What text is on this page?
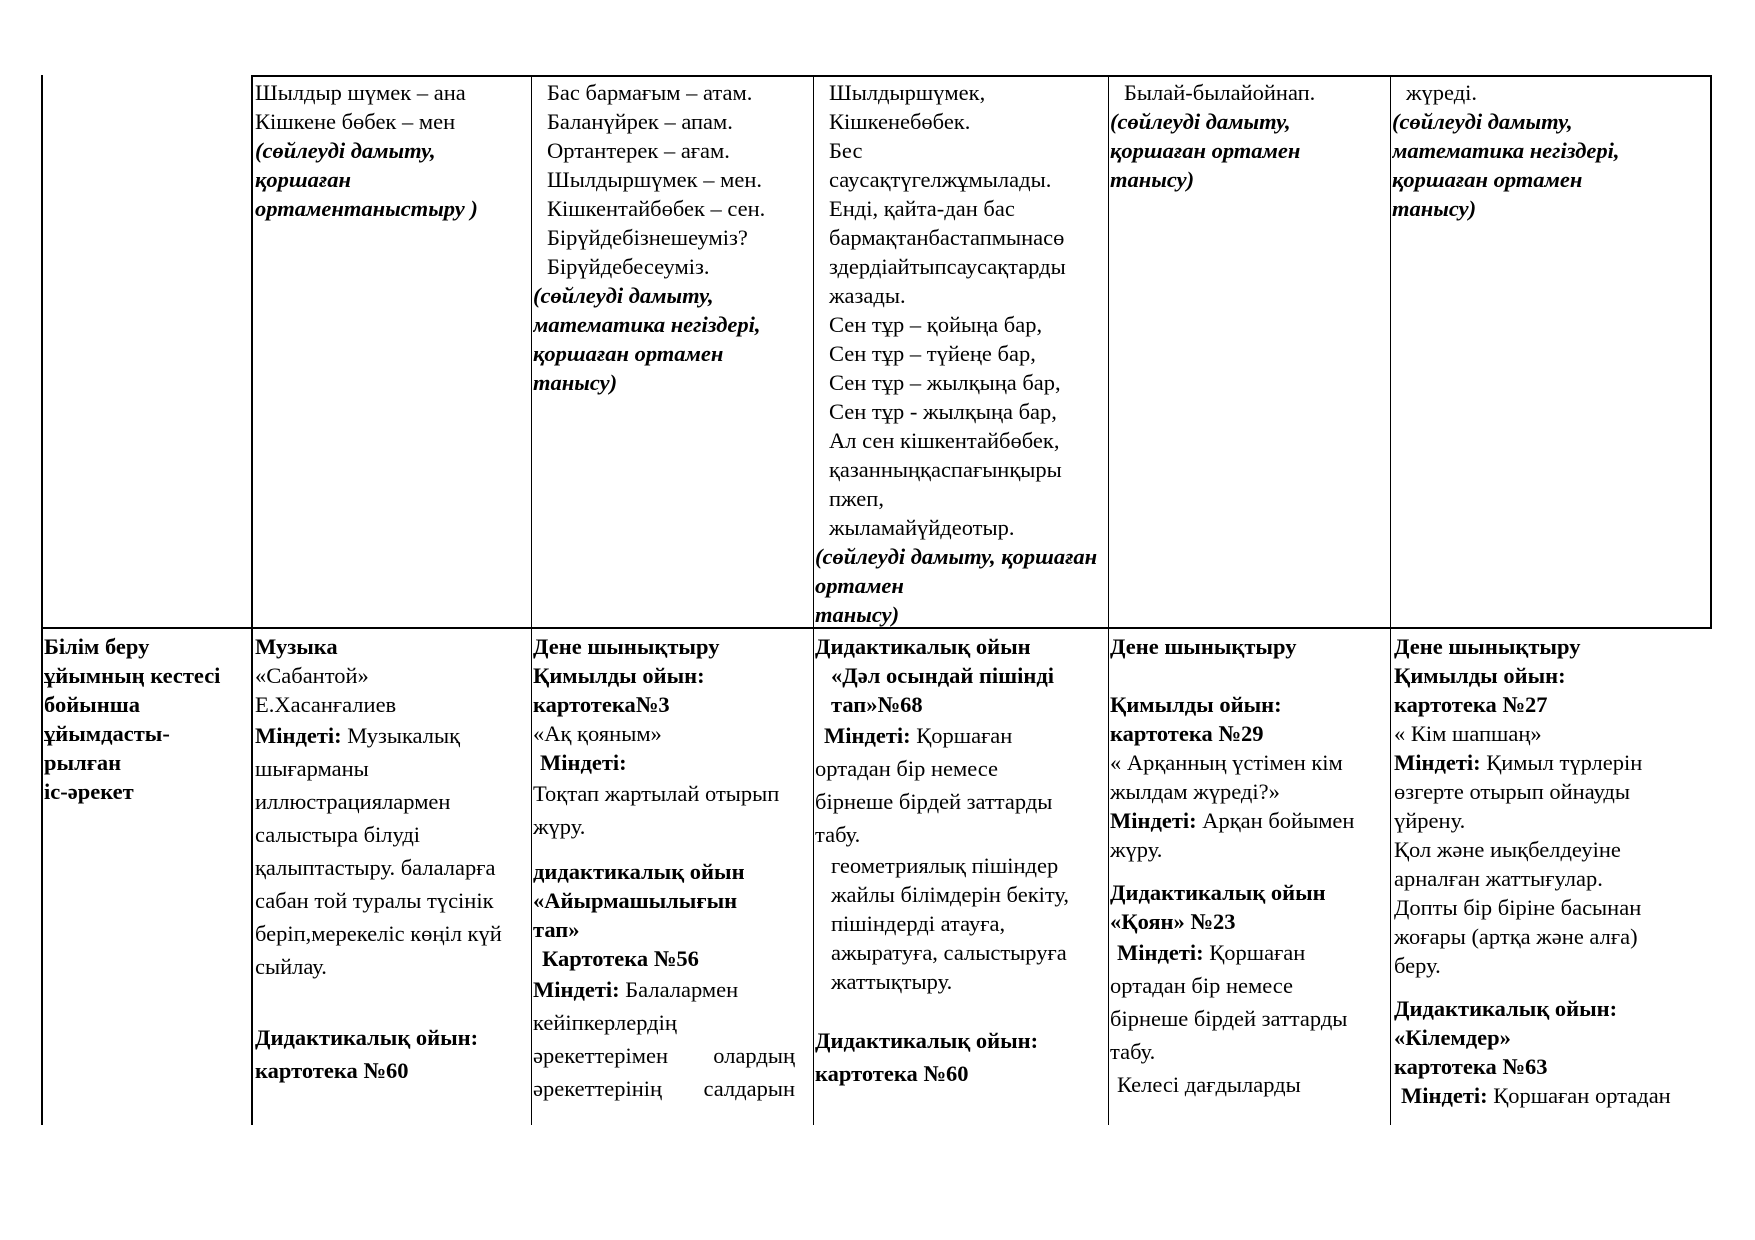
Шылдыр шүмек – ана
Кішкене бөбек – мен
(сөйлеуді дамыту,
қоршаған
ортаментаныстыру )
Бас бармағым – атам.
Баланүйрек – апам.
Ортантерек – ағам.
Шылдыршүмек – мен.
Кішкентайбөбек – сен.
Бірүйдебізнешеуміз?
Бірүйдебесеуміз.
(сөйлеуді дамыту,
математика негіздері,
қоршаған ортамен
танысу)
Шылдыршүмек,
Кішкенебөбек.
Бес
саусақтүгелжұмылады.
Енді, қайта-дан бас
бармақтанбастапмынасө
здердіайтыпсаусақтарды
жазады.
Сен тұр – қойыңа бар,
Сен тұр – түйеңе бар,
Сен тұр – жылқыңа бар,
Сен тұр - жылқыңа бар,
Ал сен кішкентайбөбек,
қазанныңқаспағынқыры
пжеп,
жыламайүйдеотыр.
(сөйлеуді дамыту, қоршаған
ортамен
танысу)
Былай-былайойнап.
(сөйлеуді дамыту,
қоршаған ортамен
танысу)
жүреді.
(сөйлеуді дамыту,
математика негіздері,
қоршаған ортамен
танысу)
Білім беру
ұйымның кестесі
бойынша
ұйымдасты-
рылған
іс-әрекет
Музыка
«Сабантой»
Е.Хасанғалиев
Міндеті: Музыкалық
шығарманы
иллюстрациялармен
салыстыра білуді
қалыптастыру. балаларға
сабан той туралы түсінік
беріп,мерекеліс көңіл күй
сыйлау.
Дидактикалық ойын:
картотека №60
Дене шынықтыру
Қимылды ойын:
картотека№3
«Ақ қояным»
Міндеті:
Тоқтап жартылай отырып
жүру.
дидактикалық ойын
«Айырмашылығын
тап»
Картотека №56
Міндеті: Балалармен
кейіпкерлердің
әрекеттерімен олардың
әрекеттерінің салдарын
Дидактикалық ойын
«Дәл осындай пішінді
тап»№68
Міндеті: Қоршаған
ортадан бір немесе
бірнеше бірдей заттарды
табу.
геометриялық пішіндер
жайлы білімдерін бекіту,
пішіндерді атауға,
ажыратуға, салыстыруға
жаттықтыру.
Дидактикалық ойын:
картотека №60
Дене шынықтыру
Қимылды ойын:
картотека №29
« Арқанның үстімен кім
жылдам жүреді?»
Міндеті: Арқан бойымен
жүру.
Дидактикалық ойын
«Қоян» №23
Міндеті: Қоршаған
ортадан бір немесе
бірнеше бірдей заттарды
табу.
Келесі дағдыларды
Дене шынықтыру
Қимылды ойын:
картотека №27
« Кім шапшаң»
Міндеті: Қимыл түрлерін
өзгерте отырып ойнауды
үйрену.
Қол және иықбелдеуіне
арналған жаттығулар.
Допты бір біріне басынан
жоғары (артқа және алға)
беру.
Дидактикалық ойын:
«Кілемдер»
картотека №63
Міндеті: Қоршаған ортадан
